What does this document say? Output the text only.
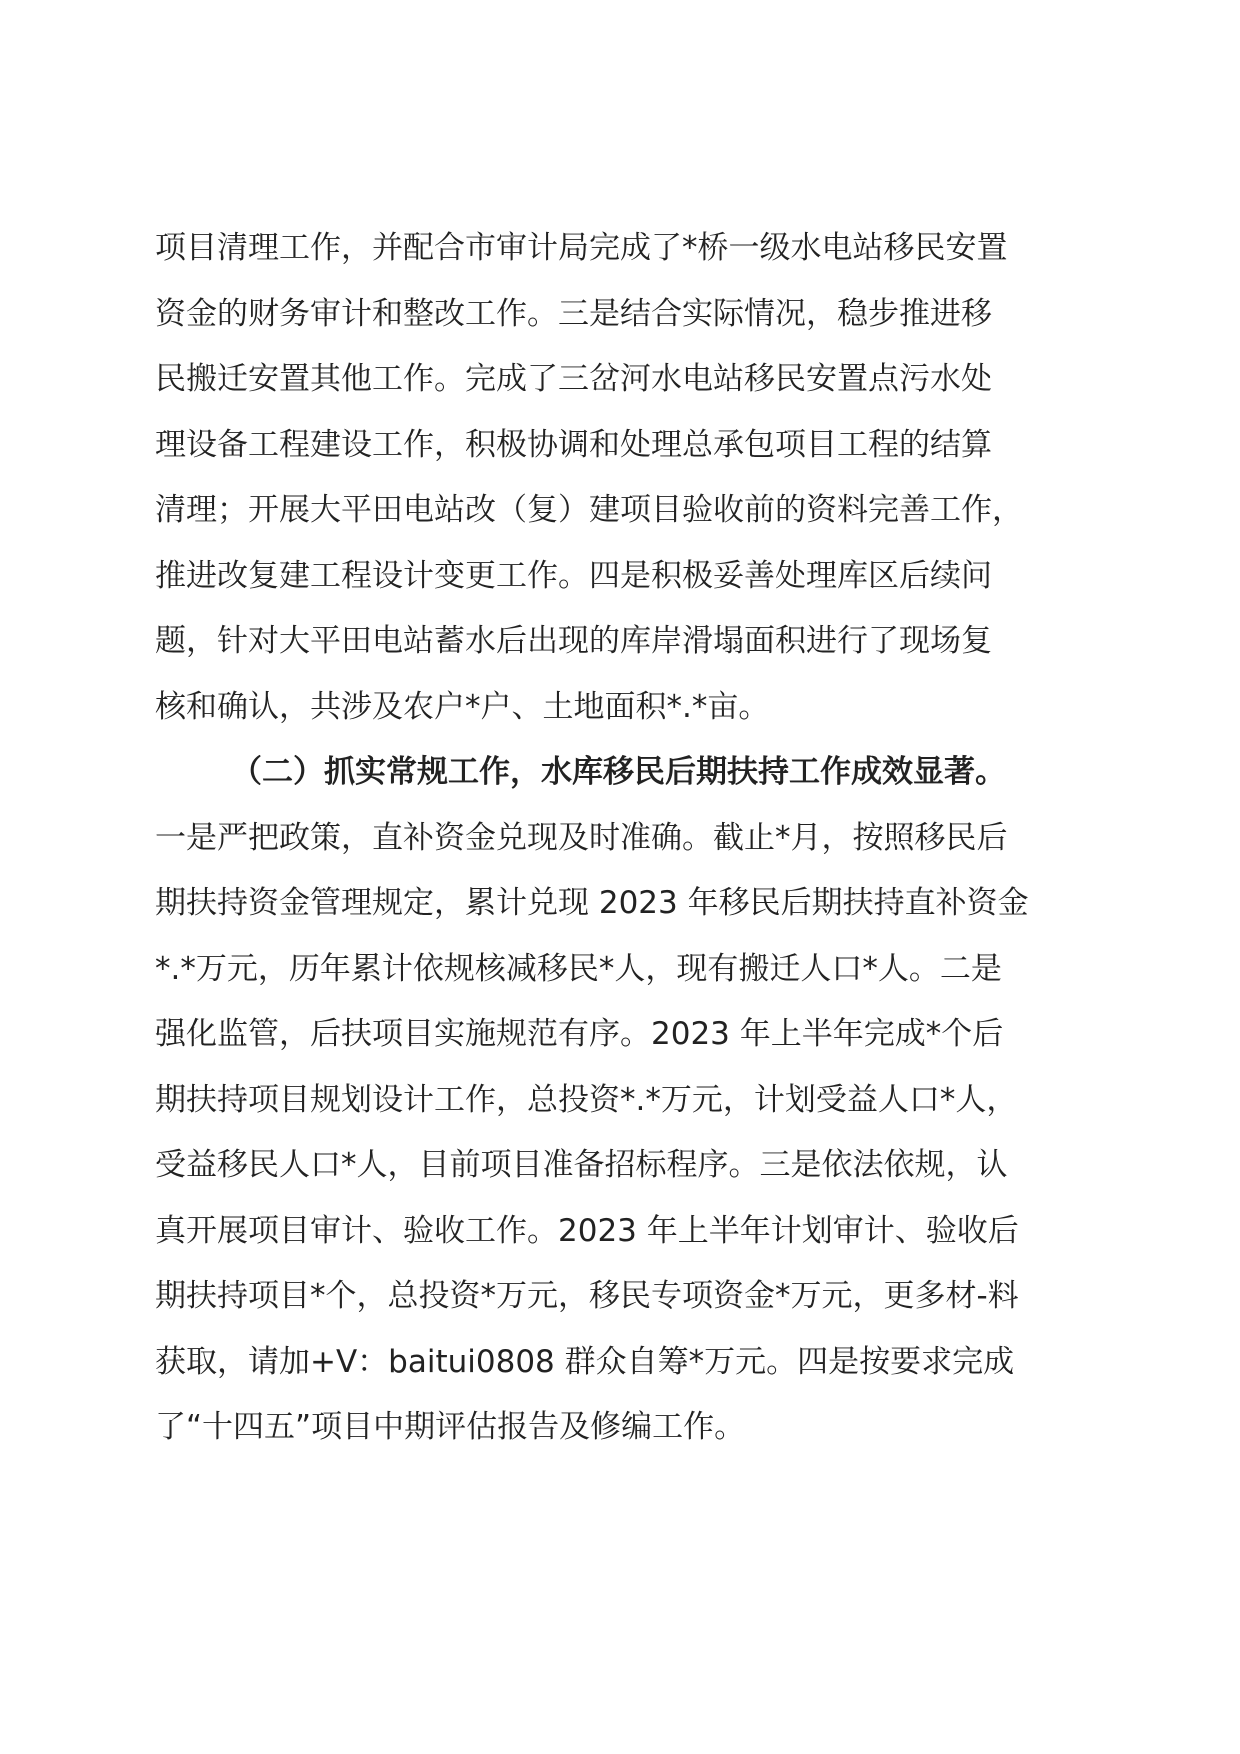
项目清理工作，并配合市审计局完成了*桥一级水电站移民安置
资金的财务审计和整改工作。三是结合实际情况，稳步推进移
民搬迁安置其他工作。完成了三岔河水电站移民安置点污水处
理设备工程建设工作，积极协调和处理总承包项目工程的结算
清理；开展大平田电站改（复）建项目验收前的资料完善工作，
推进改复建工程设计变更工作。四是积极妥善处理库区后续问
题，针对大平田电站蓄水后出现的库岸滑塌面积进行了现场复
核和确认，共涉及农户*户、土地面积*.*亩。
（二）抓实常规工作，水库移民后期扶持工作成效显著。
一是严把政策，直补资金兑现及时准确。截止*月，按照移民后
期扶持资金管理规定，累计兑现 2023 年移民后期扶持直补资金
*.*万元，历年累计依规核减移民*人，现有搬迁人口*人。二是
强化监管，后扶项目实施规范有序。2023 年上半年完成*个后
期扶持项目规划设计工作，总投资*.*万元，计划受益人口*人，
受益移民人口*人，目前项目准备招标程序。三是依法依规，认
真开展项目审计、验收工作。2023 年上半年计划审计、验收后
期扶持项目*个，总投资*万元，移民专项资金*万元，更多材-料
获取，请加+V：baitui0808 群众自筹*万元。四是按要求完成
了“十四五”项目中期评估报告及修编工作。
